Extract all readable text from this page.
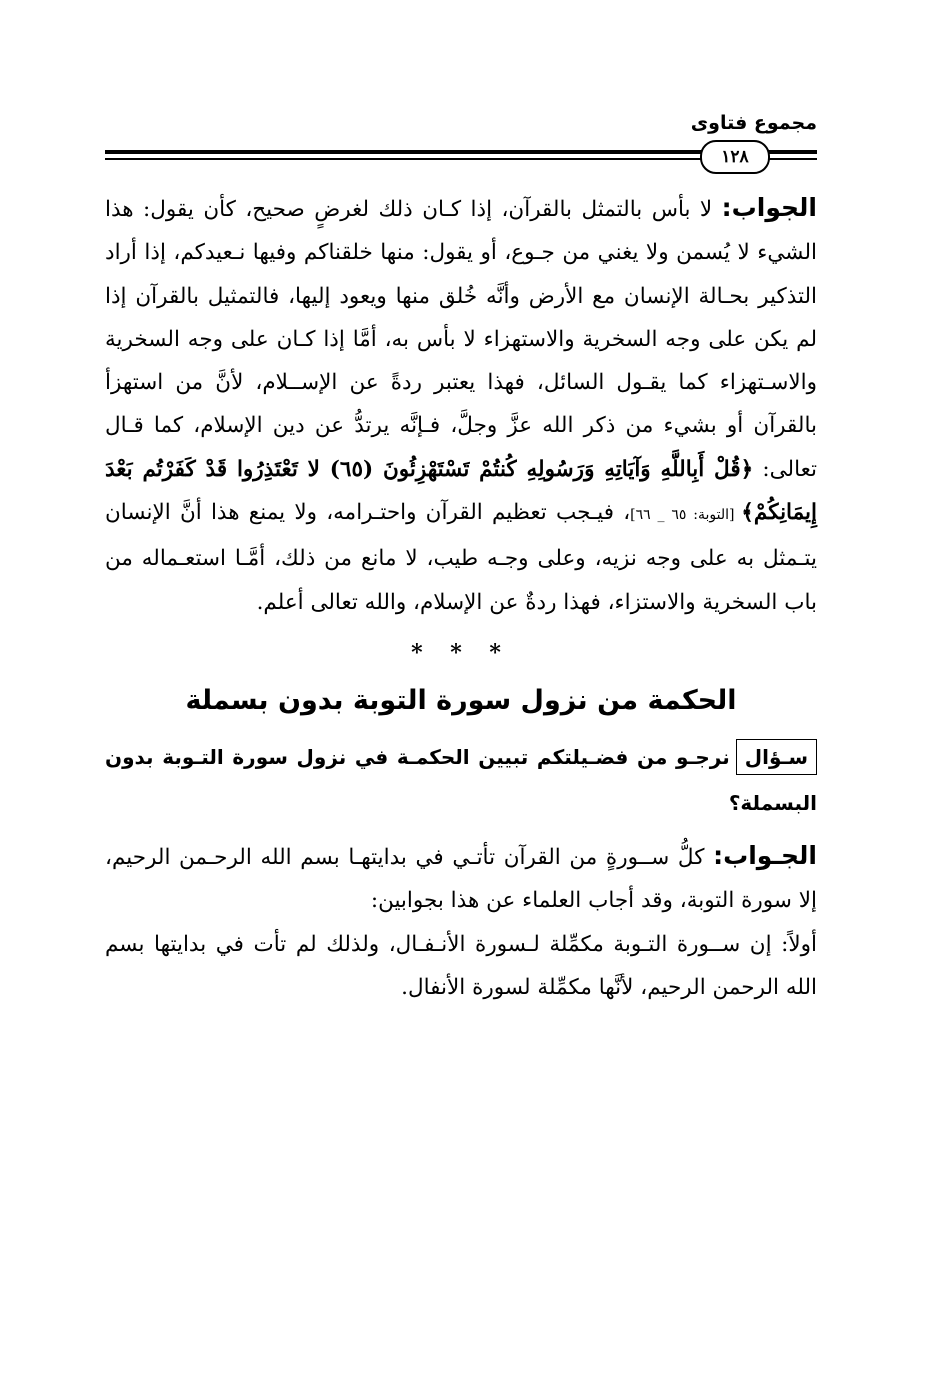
مجموع فتاوى
١٢٨

الجواب: لا بأس بالتمثل بالقرآن، إذا كـان ذلك لغرضٍ صحيح، كأن يقول: هذا الشيء لا يُسمن ولا يغني من جـوع، أو يقول: منها خلقناكم وفيها نـعيدكم، إذا أراد التذكير بحـالة الإنسان مع الأرض وأنَّه خُلق منها ويعود إليها، فالتمثيل بالقرآن إذا لم يكن على وجه السخرية والاستهزاء لا بأس به، أمَّا إذا كـان على وجه السخرية والاسـتهزاء كما يقـول السائل، فهذا يعتبر ردةً عن الإســلام، لأنَّ من استهزأ بالقرآن أو بشيء من ذكر الله عزَّ وجلَّ، فـإنَّه يرتدُّ عن دين الإسلام، كما قـال تعالى: ﴿قُلْ أَبِاللَّهِ وَآيَاتِهِ وَرَسُولِهِ كُنتُمْ تَسْتَهْزِئُونَ (٦٥) لا تَعْتَذِرُوا قَدْ كَفَرْتُم بَعْدَ إِيمَانِكُمْ﴾ [التوبة: ٦٥ _ ٦٦]، فيـجب تعظيم القرآن واحتـرامه، ولا يمنع هذا أنَّ الإنسان يتـمثل به على وجه نزيه، وعلى وجـه طيب، لا مانع من ذلك، أمَّـا استعـماله من باب السخرية والاستزاء، فهذا ردةٌ عن الإسلام، والله تعالى أعلم.

* * *
الحكمة من نزول سورة التوبة بدون بسملة
سـؤالنرجـو من فضـيلتكم تبيين الحكمـة في نزول سورة التـوبة بدون البسملة؟

الجـواب: كلُّ ســورةٍ من القرآن تأتـي في بدايتهـا بسم الله الرحـمن الرحيم، إلا سورة التوبة، وقد أجاب العلماء عن هذا بجوابين:

أولاً: إن ســورة التـوبة مكمِّلة لـسورة الأنـفـال، ولذلك لم تأت في بدايتها بسم الله الرحمن الرحيم، لأنَّها مكمِّلة لسورة الأنفال.
